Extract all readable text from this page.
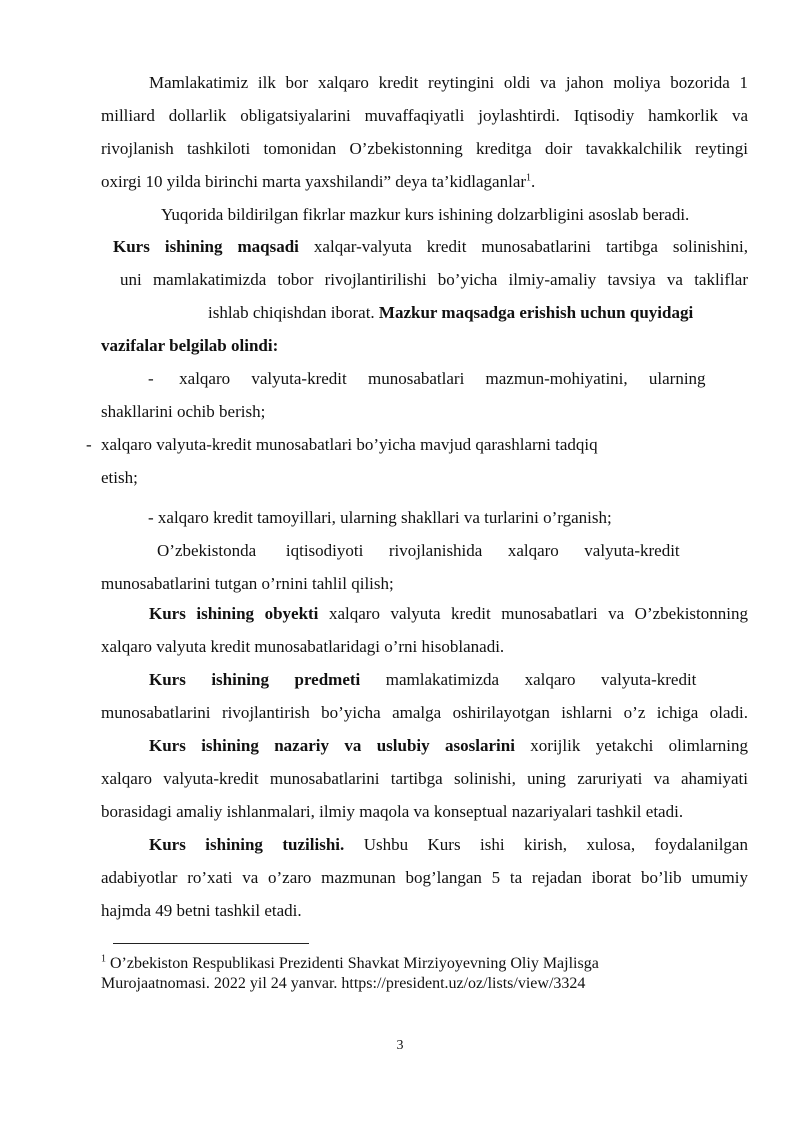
Mamlakatimiz ilk bor xalqaro kredit reytingini oldi va jahon moliya bozorida 1
milliard dollarlik obligatsiyalarini muvaffaqiyatli joylashtirdi. Iqtisodiy hamkorlik va
rivojlanish tashkiloti tomonidan O’zbekistonning kreditga doir tavakkalchilik reytingi
oxirgi 10 yilda birinchi marta yaxshilandi” deya ta’kidlaganlar$^1$.
Yuqorida bildirilgan fikrlar mazkur kurs ishining dolzarbligini asoslab beradi.
Kurs ishining maqsadi xalqar-valyuta kredit munosabatlarini tartibga solinishini,
uni mamlakatimizda tobor rivojlantirilishi bo’yicha ilmiy-amaliy tavsiya va takliflar
ishlab chiqishdan iborat. Mazkur maqsadga erishish uchun quyidagi
vazifalar belgilab olindi:
-      xalqaro     valyuta-kredit     munosabatlari     mazmun-mohiyatini,     ularning
shakllarini ochib berish;
- xalqaro valyuta-kredit munosabatlari bo’yicha mavjud qarashlarni tadqiq
etish;
- xalqaro kredit tamoyillari, ularning shakllari va turlarini o’rganish;
O’zbekistonda       iqtisodiyoti      rivojlanishida      xalqaro      valyuta-kredit
munosabatlarini tutgan o’rnini tahlil qilish;
Kurs ishining obyekti xalqaro valyuta kredit munosabatlari va O’zbekistonning
xalqaro valyuta kredit munosabatlaridagi o’rni hisoblanadi.
Kurs      ishining      predmeti      mamlakatimizda      xalqaro      valyuta-kredit
munosabatlarini rivojlantirish bo’yicha amalga oshirilayotgan ishlarni o’z ichiga oladi.
Kurs ishining nazariy va uslubiy asoslarini xorijlik yetakchi olimlarning
xalqaro valyuta-kredit munosabatlarini tartibga solinishi, uning zaruriyati va ahamiyati
borasidagi amaliy ishlanmalari, ilmiy maqola va konseptual nazariyalari tashkil etadi.
Kurs ishining tuzilishi. Ushbu Kurs ishi kirish, xulosa, foydalanilgan
adabiyotlar ro’xati va o’zaro mazmunan bog’langan 5 ta rejadan iborat bo’lib umumiy
hajmda 49 betni tashkil etadi.
$^1$ O’zbekiston Respublikasi Prezidenti Shavkat Mirziyoyevning Oliy Majlisga
Murojaatnomasi. 2022 yil 24 yanvar. https://president.uz/oz/lists/view/3324
3
